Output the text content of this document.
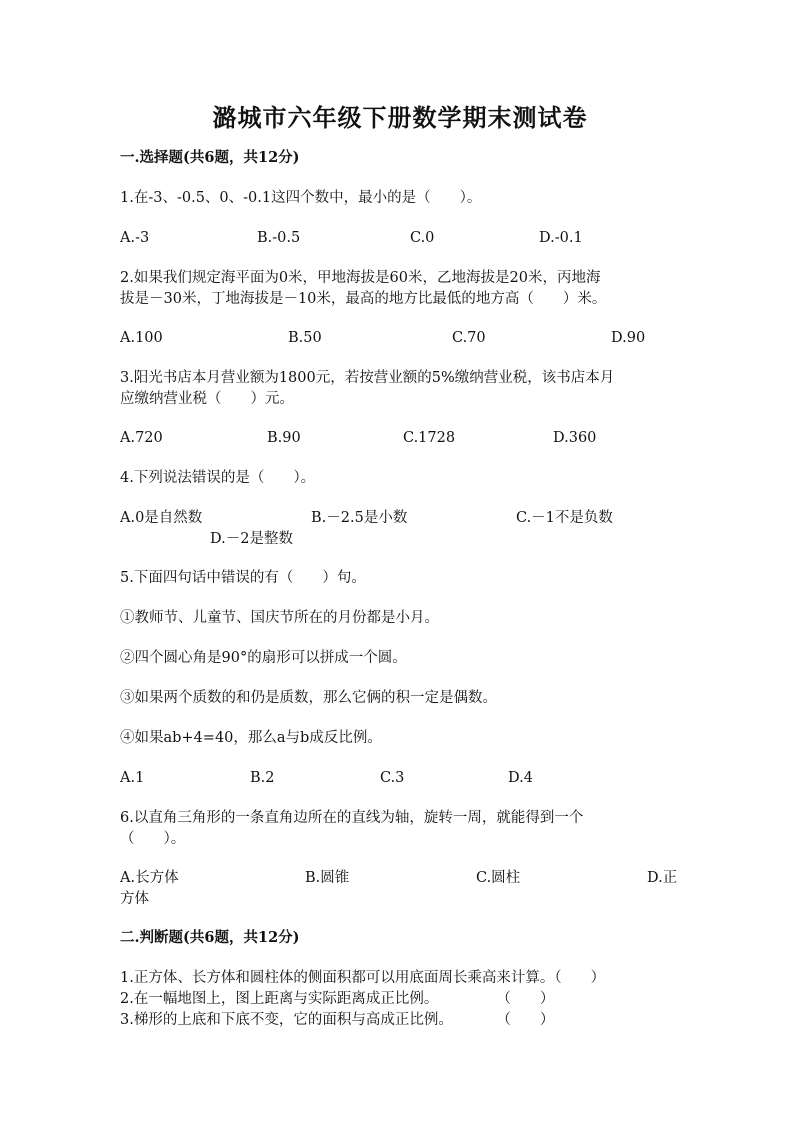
潞城市六年级下册数学期末测试卷
一.选择题(共6题，共12分)
1.在-3、-0.5、0、-0.1这四个数中，最小的是（　　）。
A.-3	B.-0.5	C.0	D.-0.1
2.如果我们规定海平面为0米，甲地海拔是60米，乙地海拔是20米，丙地海
拔是－30米，丁地海拔是－10米，最高的地方比最低的地方高（　　）米。
A.100	B.50	C.70	D.90
3.阳光书店本月营业额为1800元，若按营业额的5%缴纳营业税，该书店本月
应缴纳营业税（　　）元。
A.720	B.90	C.1728	D.360
4.下列说法错误的是（　　）。
A.0是自然数	B.－2.5是小数	C.－1不是负数
D.－2是整数
5.下面四句话中错误的有（　　）句。
①教师节、儿童节、国庆节所在的月份都是小月。
②四个圆心角是90°的扇形可以拼成一个圆。
③如果两个质数的和仍是质数，那么它俩的积一定是偶数。
④如果ab+4=40，那么a与b成反比例。
A.1	B.2	C.3	D.4
6.以直角三角形的一条直角边所在的直线为轴，旋转一周，就能得到一个
（　　）。
A.长方体	B.圆锥	C.圆柱	D.正
方体
二.判断题(共6题，共12分)
1.正方体、长方体和圆柱体的侧面积都可以用底面周长乘高来计算。（　　）
2.在一幅地图上，图上距离与实际距离成正比例。　　　　　（　　）
3.梯形的上底和下底不变，它的面积与高成正比例。　　　　（　　）
